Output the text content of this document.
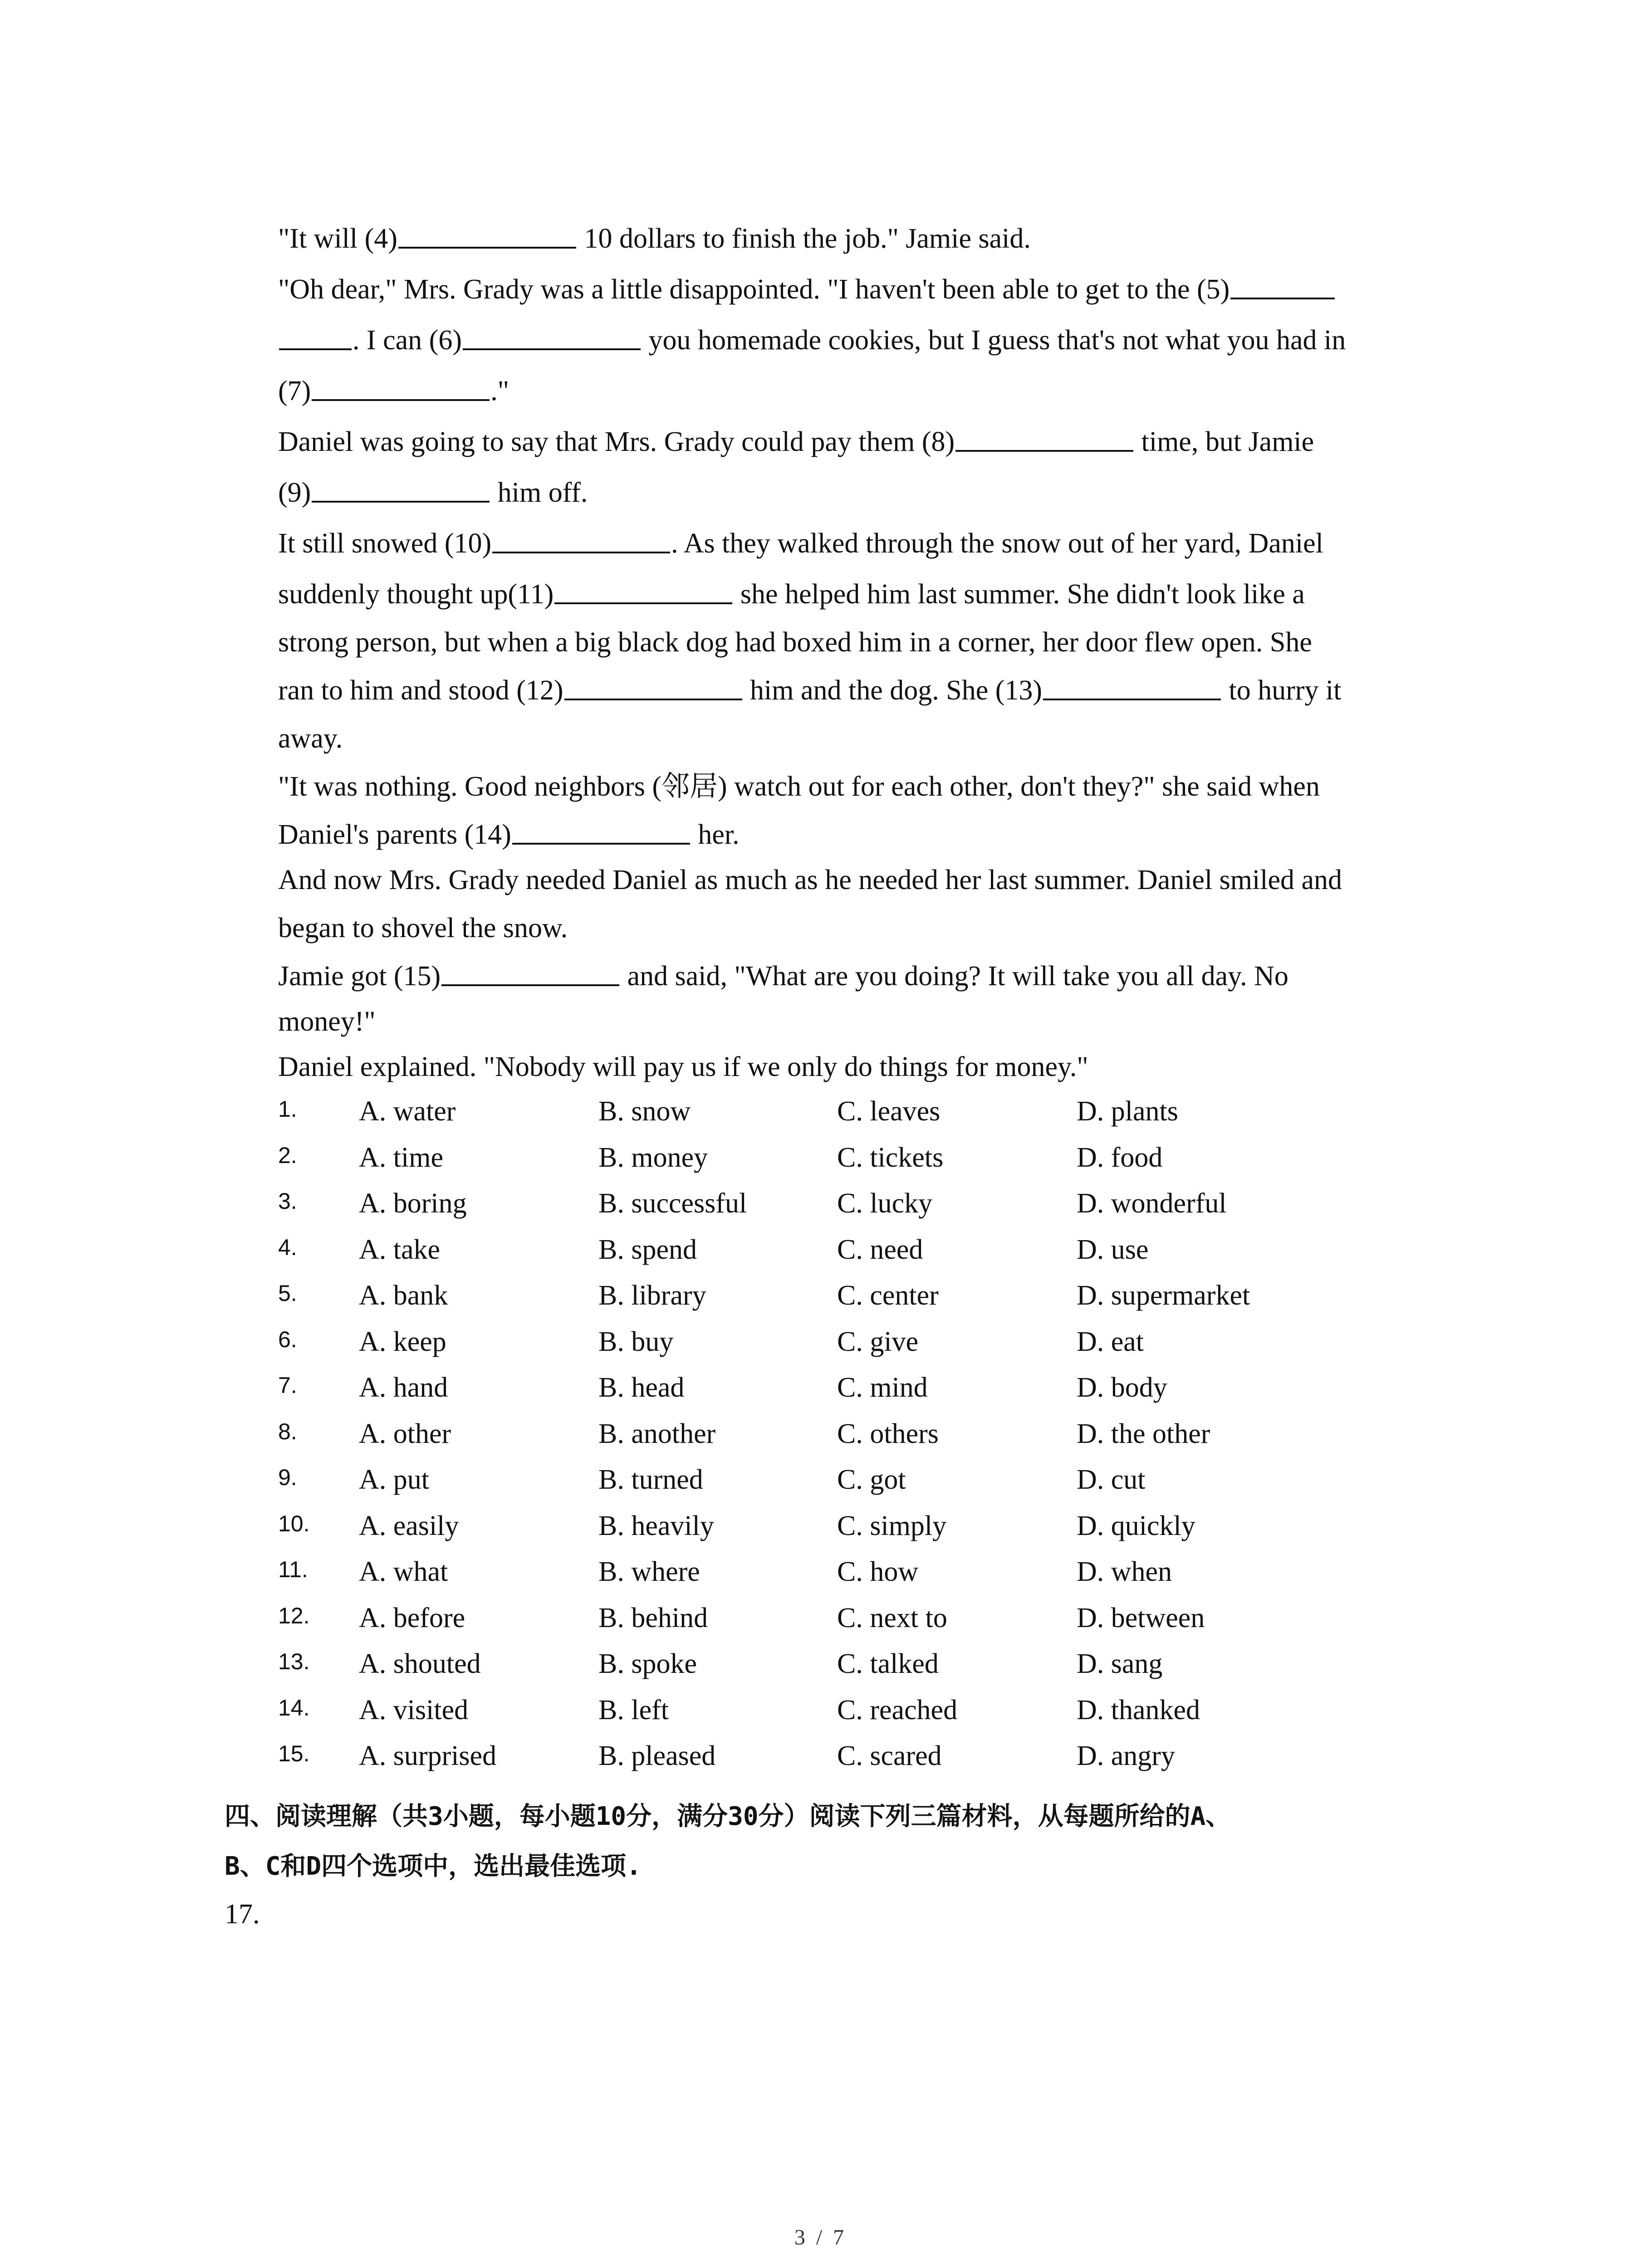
"It will (4)	10 dollars to finish the job." Jamie said.
"Oh dear," Mrs. Grady was a little disappointed. "I haven't been able to get to the (5)
. I can (6)	you homemade cookies, but I guess that's not what you had in
(7)	."
Daniel was going to say that Mrs. Grady could pay them (8)	time, but Jamie
(9)	him off.
It still snowed (10)	. As they walked through the snow out of her yard, Daniel
suddenly thought up(11)	she helped him last summer. She didn't look like a
strong person, but when a big black dog had boxed him in a corner, her door flew open. She
ran to him and stood (12)	him and the dog. She (13)	to hurry it
away.
"It was nothing. Good neighbors (邻居) watch out for each other, don't they?" she said when
Daniel's parents (14)	her.
And now Mrs. Grady needed Daniel as much as he needed her last summer. Daniel smiled and
began to shovel the snow.
Jamie got (15)	and said, "What are you doing? It will take you all day. No
money!"
Daniel explained. "Nobody will pay us if we only do things for money."
1. A. water	B. snow	C. leaves	D. plants
2. A. time	B. money	C. tickets	D. food
3. A. boring	B. successful	C. lucky	D. wonderful
4. A. take	B. spend	C. need	D. use
5. A. bank	B. library	C. center	D. supermarket
6. A. keep	B. buy	C. give	D. eat
7. A. hand	B. head	C. mind	D. body
8. A. other	B. another	C. others	D. the other
9. A. put	B. turned	C. got	D. cut
10. A. easily	B. heavily	C. simply	D. quickly
11. A. what	B. where	C. how	D. when
12. A. before	B. behind	C. next to	D. between
13. A. shouted	B. spoke	C. talked	D. sang
14. A. visited	B. left	C. reached	D. thanked
15. A. surprised	B. pleased	C. scared	D. angry
四、阅读理解（共3小题，每小题10分，满分30分）阅读下列三篇材料，从每题所给的A、
B、C和D四个选项中，选出最佳选项.
17.
3 / 7
